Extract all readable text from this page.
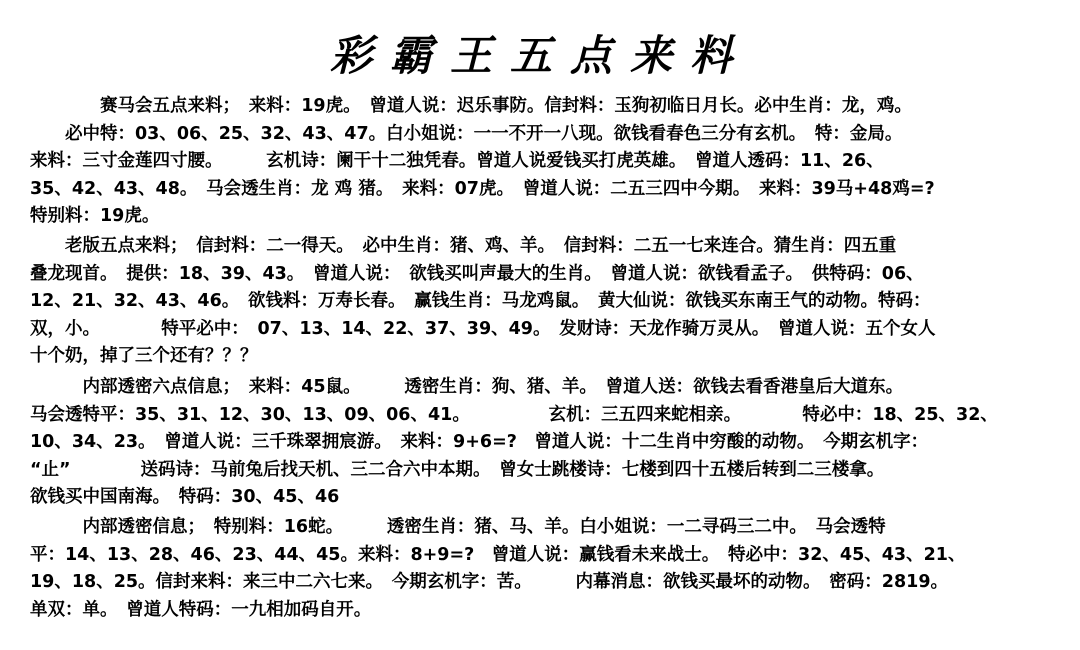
彩霸王五点来料
　　　　赛马会五点来料；　来料：19虎。　曾道人说：迟乐事防。信封料：玉狗初临日月长。必中生肖：龙，鸡。
　　必中特：03、06、25、32、43、47。白小姐说：一一不开一八现。欲钱看春色三分有玄机。　特：金局。
来料：三寸金莲四寸腰。　　　玄机诗：阑干十二独凭春。曾道人说爱钱买打虎英雄。　曾道人透码：11、26、
35、42、43、48。　马会透生肖：龙 鸡 猪。　来料：07虎。　曾道人说：二五三四中今期。　来料：39马+48鸡=?
特别料：19虎。
　　老版五点来料；　信封料：二一得天。　必中生肖：猪、鸡、羊。　信封料：二五一七来连合。猜生肖：四五重
叠龙现首。　提供：18、39、43。　曾道人说：　欲钱买叫声最大的生肖。　曾道人说：欲钱看孟子。　供特码：06、
12、21、32、43、46。　欲钱料：万寿长春。　赢钱生肖：马龙鸡鼠。　黄大仙说：欲钱买东南王气的动物。特码：
双，小。　　　　特平必中：　07、13、14、22、37、39、49。　发财诗：天龙作骑万灵从。　曾道人说：五个女人
十个奶，掉了三个还有？？？
　　　内部透密六点信息；　来料：45鼠。　　　透密生肖：狗、猪、羊。　曾道人送：欲钱去看香港皇后大道东。
马会透特平：35、31、12、30、13、09、06、41。　　　　　玄机：三五四来蛇相亲。　　　　特必中：18、25、32、
10、34、23。　曾道人说：三千珠翠拥宸游。　来料：9+6=?　曾道人说：十二生肖中穷酸的动物。　今期玄机字：
“止”　　　　送码诗：马前兔后找天机、三二合六中本期。　曾女士跳楼诗：七楼到四十五楼后转到二三楼拿。
欲钱买中国南海。　特码：30、45、46
　　　内部透密信息；　特别料：16蛇。　　　透密生肖：猪、马、羊。白小姐说：一二寻码三二中。　马会透特
平：14、13、28、46、23、44、45。来料：8+9=?　曾道人说：赢钱看未来战士。　特必中：32、45、43、21、
19、18、25。信封来料：来三中二六七来。　今期玄机字：苦。　　　内幕消息：欲钱买最坏的动物。　密码：2819。
单双：单。　曾道人特码：一九相加码自开。
